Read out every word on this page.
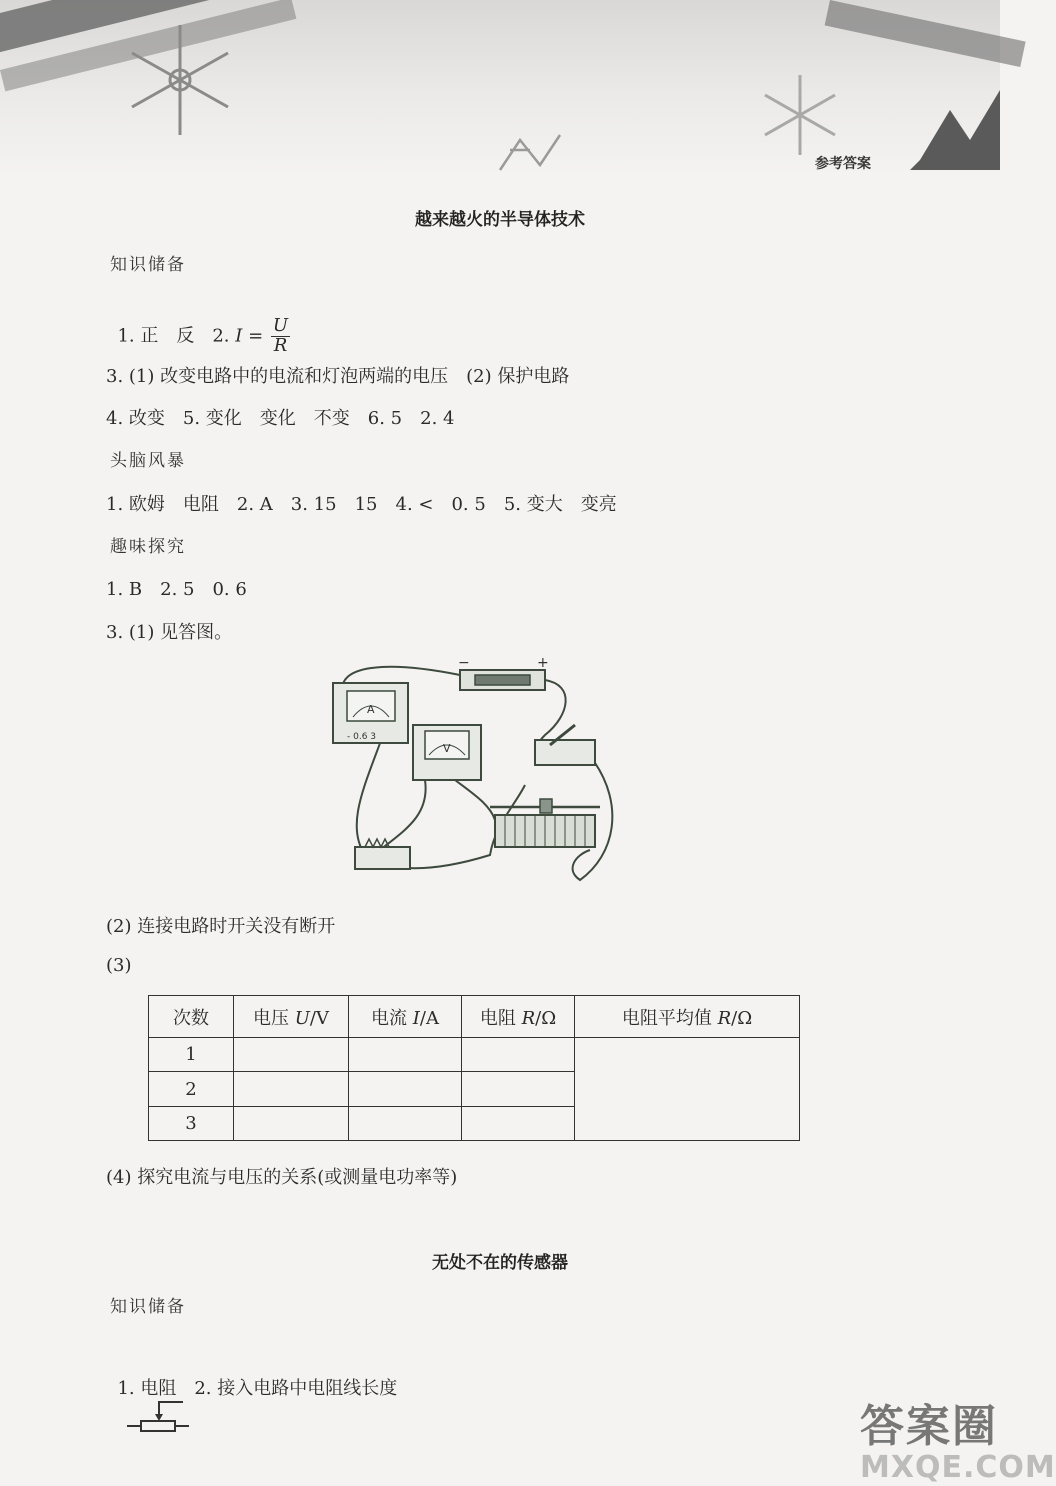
参考答案
越来越火的半导体技术
知识储备

1. 正　反　2. $I = \frac{U}{R}$

3. (1) 改变电路中的电流和灯泡两端的电压　(2) 保护电路
4. 改变　5. 变化　变化　不变　6. 5　2. 4
头脑风暴
1. 欧姆　电阻　2. A　3. 15　15　4. <　0. 5　5. 变大　变亮
趣味探究
1. B　2. 5　0. 6
3. (1) 见答图。
−	+
A
- 0.6 3
V
(2) 连接电路时开关没有断开
(3)
次数	电压 U/V	电流 I/A	电阻 R/Ω	电阻平均值 R/Ω
1				
2				
3				
(4) 探究电流与电压的关系(或测量电功率等)
无处不在的传感器
知识储备

1. 电阻　2. 接入电路中电阻线长度

答案圈
MXQE.COM
